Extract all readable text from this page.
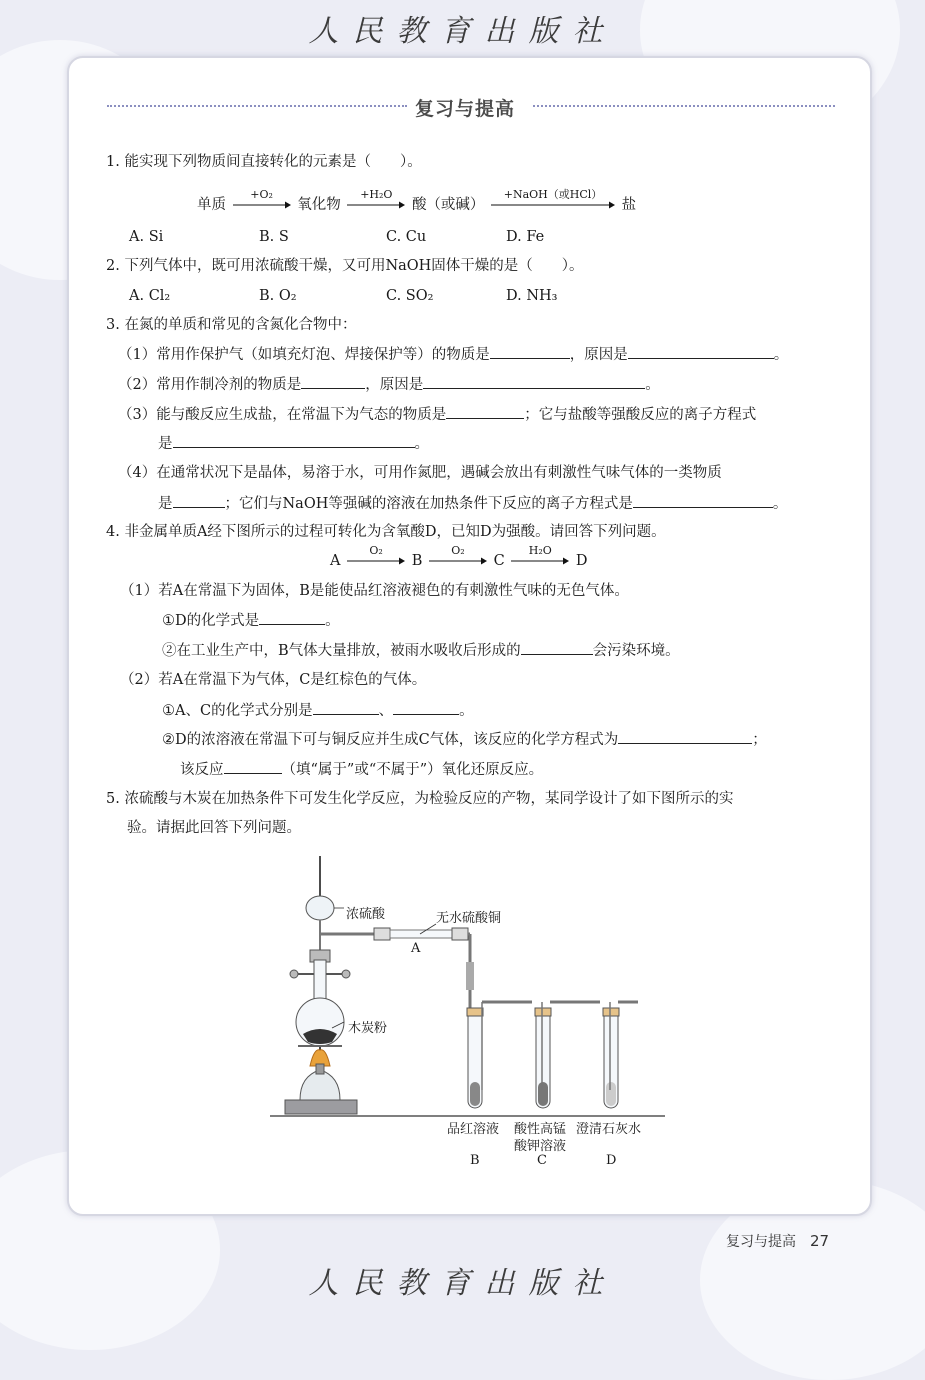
人民教育出版社
复习与提高
1. 能实现下列物质间直接转化的元素是（　　）。
单质
+O₂
氧化物
+H₂O
酸（或碱）
+NaOH（或HCl）
盐
A. Si	B. S	C. Cu	D. Fe
2. 下列气体中，既可用浓硫酸干燥，又可用NaOH固体干燥的是（　　）。
A. Cl₂	B. O₂	C. SO₂	D. NH₃
3. 在氮的单质和常见的含氮化合物中：
（1）常用作保护气（如填充灯泡、焊接保护等）的物质是	，原因是	。
（2）常用作制冷剂的物质是	，原因是	。
（3）能与酸反应生成盐，在常温下为气态的物质是	；它与盐酸等强酸反应的离子方程式
是	。
（4）在通常状况下是晶体，易溶于水，可用作氮肥，遇碱会放出有刺激性气味气体的一类物质
是	；它们与NaOH等强碱的溶液在加热条件下反应的离子方程式是	。
4. 非金属单质A经下图所示的过程可转化为含氧酸D，已知D为强酸。请回答下列问题。
A
O₂
B
O₂
C
H₂O
D
（1）若A在常温下为固体，B是能使品红溶液褪色的有刺激性气味的无色气体。
①D的化学式是	。
②在工业生产中，B气体大量排放，被雨水吸收后形成的	会污染环境。
（2）若A在常温下为气体，C是红棕色的气体。
①A、C的化学式分别是	、	。
②D的浓溶液在常温下可与铜反应并生成C气体，该反应的化学方程式为	；
该反应	（填“属于”或“不属于”）氧化还原反应。
5. 浓硫酸与木炭在加热条件下可发生化学反应，为检验反应的产物，某同学设计了如下图所示的实
验。请据此回答下列问题。
浓硫酸	无水硫酸铜
A
木炭粉
品红溶液 酸性高锰
酸钾溶液
澄清石灰水
B	C	D
复习与提高 27
人民教育出版社
